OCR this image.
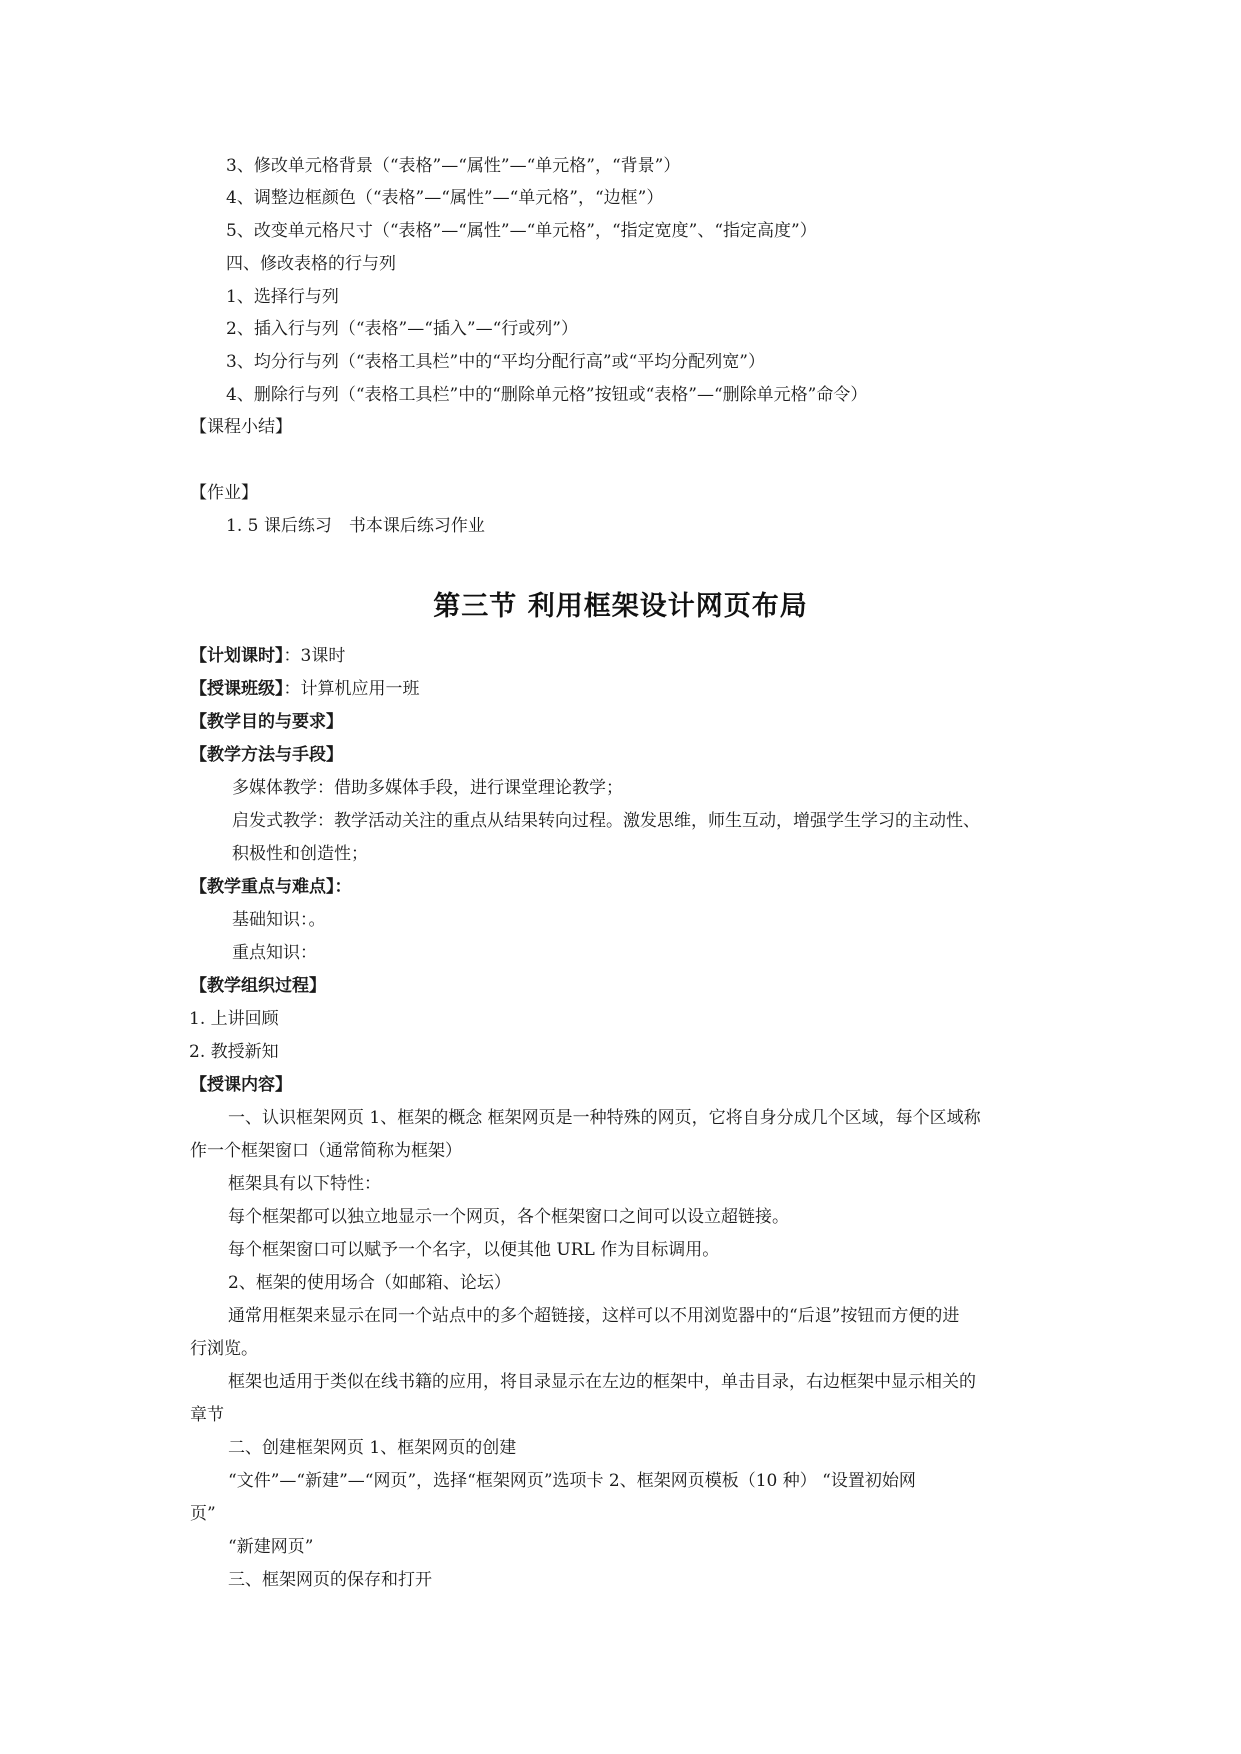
3、修改单元格背景（“表格”—“属性”—“单元格”，“背景”）
4、调整边框颜色（“表格”—“属性”—“单元格”，“边框”）
5、改变单元格尺寸（“表格”—“属性”—“单元格”，“指定宽度”、“指定高度”）
四、修改表格的行与列
1、选择行与列
2、插入行与列（“表格”—“插入”—“行或列”）
3、均分行与列（“表格工具栏”中的“平均分配行高”或“平均分配列宽”）
4、删除行与列（“表格工具栏”中的“删除单元格”按钮或“表格”—“删除单元格”命令）
【课程小结】
【作业】
1. 5 课后练习　书本课后练习作业
第三节 利用框架设计网页布局
【计划课时】：3课时
【授课班级】：计算机应用一班
【教学目的与要求】
【教学方法与手段】
多媒体教学：借助多媒体手段，进行课堂理论教学；
启发式教学：教学活动关注的重点从结果转向过程。激发思维，师生互动，增强学生学习的主动性、
积极性和创造性；
【教学重点与难点】：
基础知识：。
重点知识：
【教学组织过程】
1. 上讲回顾
2. 教授新知
【授课内容】
一、认识框架网页 1、框架的概念 框架网页是一种特殊的网页，它将自身分成几个区域，每个区域称
作一个框架窗口（通常简称为框架）
框架具有以下特性：
每个框架都可以独立地显示一个网页，各个框架窗口之间可以设立超链接。
每个框架窗口可以赋予一个名字，以便其他 URL 作为目标调用。
2、框架的使用场合（如邮箱、论坛）
通常用框架来显示在同一个站点中的多个超链接，这样可以不用浏览器中的“后退”按钮而方便的进
行浏览。
框架也适用于类似在线书籍的应用，将目录显示在左边的框架中，单击目录，右边框架中显示相关的
章节
二、创建框架网页 1、框架网页的创建
“文件”—“新建”—“网页”，选择“框架网页”选项卡 2、框架网页模板（10 种） “设置初始网
页”
“新建网页”
三、框架网页的保存和打开
